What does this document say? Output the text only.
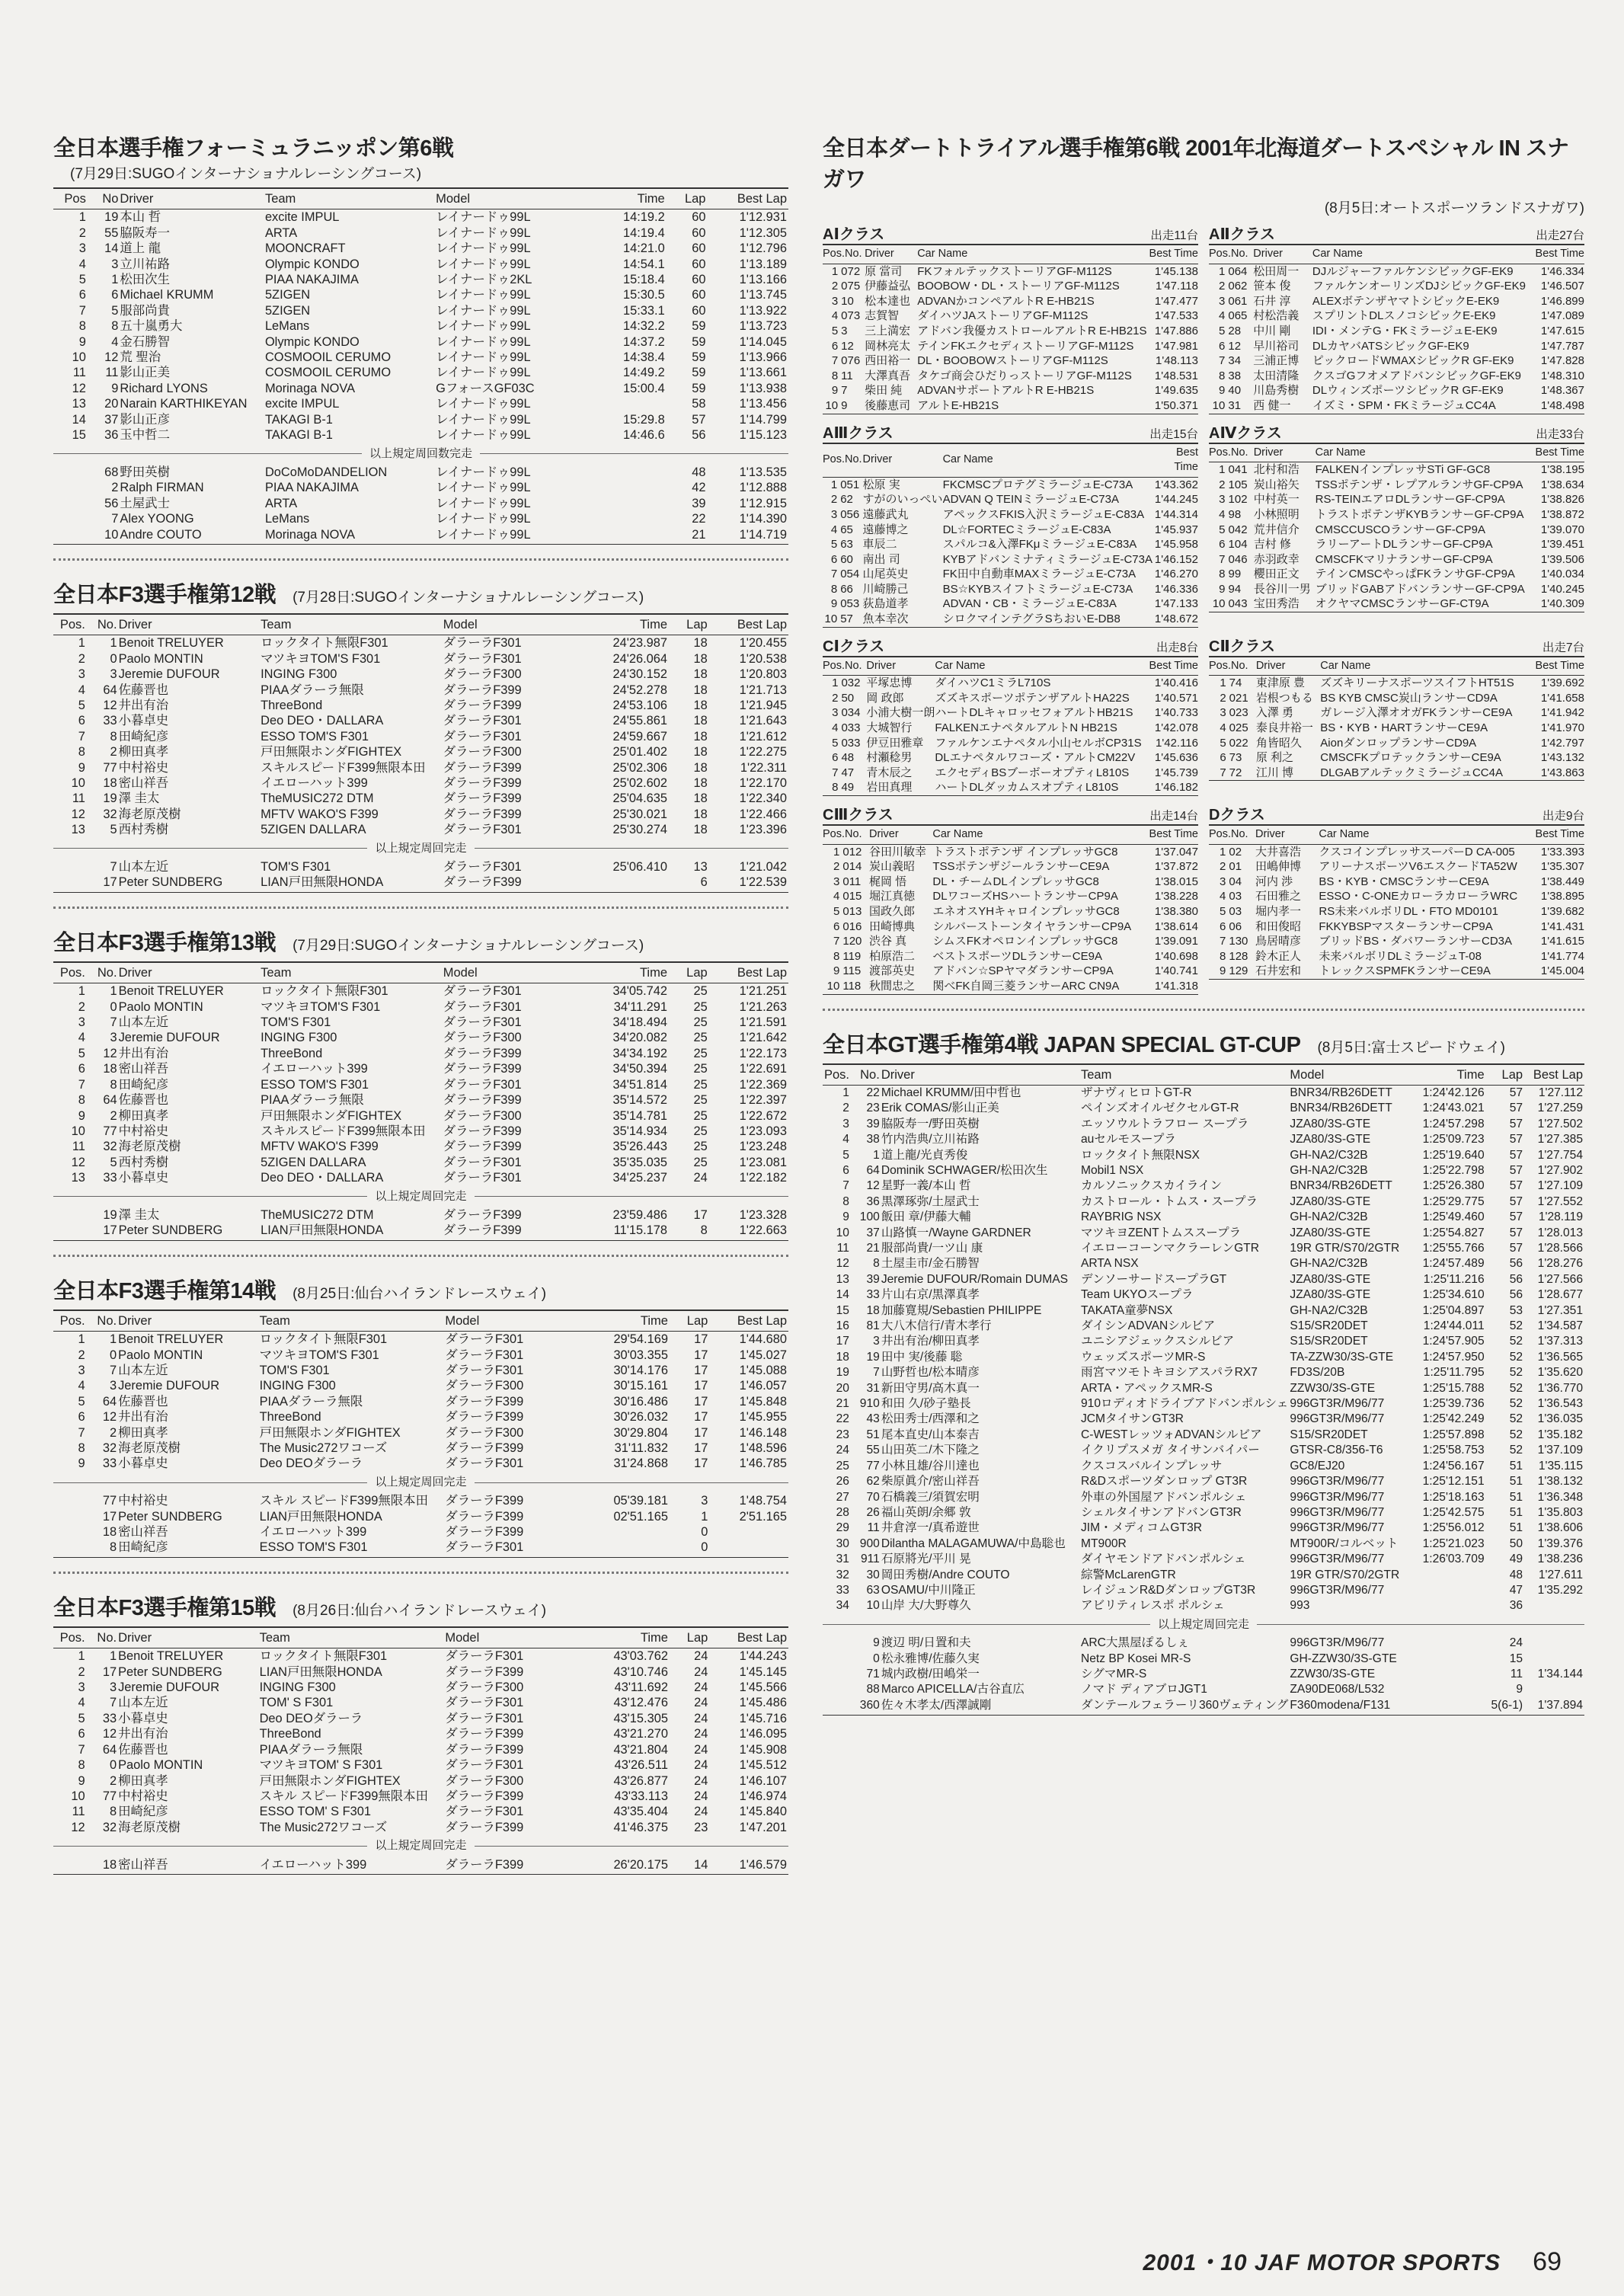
全日本選手権フォーミュラニッポン第6戦
(7月29日:SUGOインターナショナルレーシングコース)
Pos	No	Driver	Team	Model	Time	Lap	Best Lap
1	19	本山 哲	excite IMPUL	レイナードゥ99L	14:19.2	60	1'12.931
2	55	脇阪寿一	ARTA	レイナードゥ99L	14:19.4	60	1'12.305
3	14	道上 龍	MOONCRAFT	レイナードゥ99L	14:21.0	60	1'12.796
4	3	立川祐路	Olympic KONDO	レイナードゥ99L	14:54.1	60	1'13.189
5	1	松田次生	PIAA NAKAJIMA	レイナードゥ2KL	15:18.4	60	1'13.166
6	6	Michael KRUMM	5ZIGEN	レイナードゥ99L	15:30.5	60	1'13.745
7	5	服部尚貴	5ZIGEN	レイナードゥ99L	15:33.1	60	1'13.922
8	8	五十嵐勇大	LeMans	レイナードゥ99L	14:32.2	59	1'13.723
9	4	金石勝智	Olympic KONDO	レイナードゥ99L	14:37.2	59	1'14.045
10	12	荒 聖治	COSMOOIL CERUMO	レイナードゥ99L	14:38.4	59	1'13.966
11	11	影山正美	COSMOOIL CERUMO	レイナードゥ99L	14:49.2	59	1'13.661
12	9	Richard LYONS	Morinaga NOVA	GフォースGF03C	15:00.4	59	1'13.938
13	20	Narain KARTHIKEYAN	excite IMPUL	レイナードゥ99L		58	1'13.456
14	37	影山正彦	TAKAGI B-1	レイナードゥ99L	15:29.8	57	1'14.799
15	36	玉中哲二	TAKAGI B-1	レイナードゥ99L	14:46.6	56	1'15.123
以上規定周回数完走							
	68	野田英樹	DoCoMoDANDELION	レイナードゥ99L		48	1'13.535
	2	Ralph FIRMAN	PIAA NAKAJIMA	レイナードゥ99L		42	1'12.888
	56	土屋武士	ARTA	レイナードゥ99L		39	1'12.915
	7	Alex YOONG	LeMans	レイナードゥ99L		22	1'14.390
	10	Andre COUTO	Morinaga NOVA	レイナードゥ99L		21	1'14.719
全日本F3選手権第12戦 (7月28日:SUGOインターナショナルレーシングコース)
Pos.	No.	Driver	Team	Model	Time	Lap	Best Lap
1	1	Benoit TRELUYER	ロックタイト無限F301	ダラーラF301	24'23.987	18	1'20.455
2	0	Paolo MONTIN	マツキヨTOM'S F301	ダラーラF301	24'26.064	18	1'20.538
3	3	Jeremie DUFOUR	INGING F300	ダラーラF300	24'30.152	18	1'20.803
4	64	佐藤晋也	PIAAダラーラ無限	ダラーラF399	24'52.278	18	1'21.713
5	12	井出有治	ThreeBond	ダラーラF399	24'53.106	18	1'21.945
6	33	小暮卓史	Deo DEO・DALLARA	ダラーラF301	24'55.861	18	1'21.643
7	8	田崎紀彦	ESSO TOM'S F301	ダラーラF301	24'59.667	18	1'21.612
8	2	柳田真孝	戸田無限ホンダFIGHTEX	ダラーラF300	25'01.402	18	1'22.275
9	77	中村裕史	スキルスピードF399無限本田	ダラーラF399	25'02.306	18	1'22.311
10	18	密山祥吾	イエローハット399	ダラーラF399	25'02.602	18	1'22.170
11	19	澤 圭太	TheMUSIC272 DTM	ダラーラF399	25'04.635	18	1'22.340
12	32	海老原茂樹	MFTV WAKO'S F399	ダラーラF399	25'30.021	18	1'22.466
13	5	西村秀樹	5ZIGEN DALLARA	ダラーラF301	25'30.274	18	1'23.396
以上規定周回完走							
	7	山本左近	TOM'S F301	ダラーラF301	25'06.410	13	1'21.042
	17	Peter SUNDBERG	LIAN戸田無限HONDA	ダラーラF399		6	1'22.539
全日本F3選手権第13戦 (7月29日:SUGOインターナショナルレーシングコース)
Pos.	No.	Driver	Team	Model	Time	Lap	Best Lap
1	1	Benoit TRELUYER	ロックタイト無限F301	ダラーラF301	34'05.742	25	1'21.251
2	0	Paolo MONTIN	マツキヨTOM'S F301	ダラーラF301	34'11.291	25	1'21.263
3	7	山本左近	TOM'S F301	ダラーラF301	34'18.494	25	1'21.591
4	3	Jeremie DUFOUR	INGING F300	ダラーラF300	34'20.082	25	1'21.642
5	12	井出有治	ThreeBond	ダラーラF399	34'34.192	25	1'22.173
6	18	密山祥吾	イエローハット399	ダラーラF399	34'50.394	25	1'22.691
7	8	田崎紀彦	ESSO TOM'S F301	ダラーラF301	34'51.814	25	1'22.369
8	64	佐藤晋也	PIAAダラーラ無限	ダラーラF399	35'14.572	25	1'22.397
9	2	柳田真孝	戸田無限ホンダFIGHTEX	ダラーラF300	35'14.781	25	1'22.672
10	77	中村裕史	スキルスピードF399無限本田	ダラーラF399	35'14.934	25	1'23.093
11	32	海老原茂樹	MFTV WAKO'S F399	ダラーラF399	35'26.443	25	1'23.248
12	5	西村秀樹	5ZIGEN DALLARA	ダラーラF301	35'35.035	25	1'23.081
13	33	小暮卓史	Deo DEO・DALLARA	ダラーラF301	34'25.237	24	1'22.182
以上規定周回完走							
	19	澤 圭太	TheMUSIC272 DTM	ダラーラF399	23'59.486	17	1'23.328
	17	Peter SUNDBERG	LIAN戸田無限HONDA	ダラーラF399	11'15.178	8	1'22.663
全日本F3選手権第14戦 (8月25日:仙台ハイランドレースウェイ)
Pos.	No.	Driver	Team	Model	Time	Lap	Best Lap
1	1	Benoit TRELUYER	ロックタイト無限F301	ダラーラF301	29'54.169	17	1'44.680
2	0	Paolo MONTIN	マツキヨTOM'S F301	ダラーラF301	30'03.355	17	1'45.027
3	7	山本左近	TOM'S F301	ダラーラF301	30'14.176	17	1'45.088
4	3	Jeremie DUFOUR	INGING F300	ダラーラF300	30'15.161	17	1'46.057
5	64	佐藤晋也	PIAAダラーラ無限	ダラーラF399	30'16.486	17	1'45.848
6	12	井出有治	ThreeBond	ダラーラF399	30'26.032	17	1'45.955
7	2	柳田真孝	戸田無限ホンダFIGHTEX	ダラーラF300	30'29.804	17	1'46.148
8	32	海老原茂樹	The Music272ワコーズ	ダラーラF399	31'11.832	17	1'48.596
9	33	小暮卓史	Deo DEOダラーラ	ダラーラF301	31'24.868	17	1'46.785
以上規定周回完走							
	77	中村裕史	スキル スピードF399無限本田	ダラーラF399	05'39.181	3	1'48.754
	17	Peter SUNDBERG	LIAN戸田無限HONDA	ダラーラF399	02'51.165	1	2'51.165
	18	密山祥吾	イエローハット399	ダラーラF399		0	
	8	田崎紀彦	ESSO TOM'S F301	ダラーラF301		0	
全日本F3選手権第15戦 (8月26日:仙台ハイランドレースウェイ)
Pos.	No.	Driver	Team	Model	Time	Lap	Best Lap
1	1	Benoit TRELUYER	ロックタイト無限F301	ダラーラF301	43'03.762	24	1'44.243
2	17	Peter SUNDBERG	LIAN戸田無限HONDA	ダラーラF399	43'10.746	24	1'45.145
3	3	Jeremie DUFOUR	INGING F300	ダラーラF300	43'11.692	24	1'45.566
4	7	山本左近	TOM' S F301	ダラーラF301	43'12.476	24	1'45.486
5	33	小暮卓史	Deo DEOダラーラ	ダラーラF301	43'15.305	24	1'45.716
6	12	井出有治	ThreeBond	ダラーラF399	43'21.270	24	1'46.095
7	64	佐藤晋也	PIAAダラーラ無限	ダラーラF399	43'21.804	24	1'45.908
8	0	Paolo MONTIN	マツキヨTOM' S F301	ダラーラF301	43'26.511	24	1'45.512
9	2	柳田真孝	戸田無限ホンダFIGHTEX	ダラーラF300	43'26.877	24	1'46.107
10	77	中村裕史	スキル スピードF399無限本田	ダラーラF399	43'33.113	24	1'46.974
11	8	田崎紀彦	ESSO TOM' S F301	ダラーラF301	43'35.404	24	1'45.840
12	32	海老原茂樹	The Music272ワコーズ	ダラーラF399	41'46.375	23	1'47.201
以上規定周回完走							
	18	密山祥吾	イエローハット399	ダラーラF399	26'20.175	14	1'46.579
全日本ダートトライアル選手権第6戦 2001年北海道ダートスペシャル IN スナガワ
(8月5日:オートスポーツランドスナガワ)
AⅠクラス	出走11台
Pos.No.		Driver	Car Name	Best Time
1	072	原 當司	FKフォルテックストーリアGF-M112S	1'45.138
2	075	伊藤益弘	BOOBOW・DL・ストーリアGF-M112S	1'47.118
3	10	松本達也	ADVANかコンペアルトR E-HB21S	1'47.477
4	073	志賀智	ダイハツJAストーリアGF-M112S	1'47.533
5	3	三上満宏	アドバン我優カストロールアルトR E-HB21S	1'47.886
6	12	岡林亮太	テインFKエクセディストーリアGF-M112S	1'47.981
7	076	西田裕一	DL・BOOBOWストーリアGF-M112S	1'48.113
8	11	大澤真吾	タケゴ商会ひだりっストーリアGF-M112S	1'48.531
9	7	柴田 純	ADVANサポートアルトR E-HB21S	1'49.635
10	9	後藤恵司	アルトE-HB21S	1'50.371
AⅡクラス	出走27台
Pos.No.		Driver	Car Name	Best Time
1	064	松田周一	DJルジャーファルケンシビックGF-EK9	1'46.334
2	062	笹本 俊	ファルケンオーリンズDJシビックGF-EK9	1'46.507
3	061	石井 淳	ALEXボテンザヤマトシビックE-EK9	1'46.899
4	065	村松浩義	スプリントDLスノコシビックE-EK9	1'47.089
5	28	中川 剛	IDI・メンテG・FKミラージュE-EK9	1'47.615
6	12	早川裕司	DLカヤバATSシビックGF-EK9	1'47.787
7	34	三浦正博	ピックロードWMAXシビックR GF-EK9	1'47.828
8	38	太田清隆	クスゴGフオメアドバンシビックGF-EK9	1'48.310
9	40	川島秀樹	DLウィンズポーツシビックR GF-EK9	1'48.367
10	31	西 健一	イズミ・SPM・FKミラージュCC4A	1'48.498
AⅢクラス	出走15台
Pos.No.		Driver	Car Name	Best Time
1	051	松原 実	FKCMSCプロテグミラージュE-C73A	1'43.362
2	62	すがのいっぺい	ADVAN Q TEINミラージュE-C73A	1'44.245
3	056	遠藤武丸	アペックスFKIS入沢ミラージュE-C83A	1'44.314
4	65	遠藤博之	DL☆FORTECミラージュE-C83A	1'45.937
5	63	車辰二	スパルコ&入澤FKμミラージュE-C83A	1'45.958
6	60	南出 司	KYBアドバンミナティミラージュE-C73A	1'46.152
7	054	山尾英史	FK田中自動車MAXミラージュE-C73A	1'46.270
8	66	川崎勝己	BS☆KYBスイフトミラージュE-C73A	1'46.336
9	053	荻島道孝	ADVAN・CB・ミラージュE-C83A	1'47.133
10	57	魚本幸次	シロクマインテグラSちおいE-DB8	1'48.672
AⅣクラス	出走33台
Pos.No.		Driver	Car Name	Best Time
1	041	北村和浩	FALKENインプレッサSTi GF-GC8	1'38.195
2	105	炭山裕矢	TSSポテンザ・レプアルランサGF-CP9A	1'38.634
3	102	中村英一	RS-TEINエアロDLランサーGF-CP9A	1'38.826
4	98	小林照明	トラストポテンザKYBランサーGF-CP9A	1'38.872
5	042	荒井信介	CMSCCUSCOランサーGF-CP9A	1'39.070
6	104	吉村 修	ラリーアートDLランサーGF-CP9A	1'39.451
7	046	赤羽政幸	CMSCFKマリナランサーGF-CP9A	1'39.506
8	99	櫻田正文	テインCMSCやっぱFKランサGF-CP9A	1'40.034
9	94	長谷川一男	ブリッドGABアドバンランサーGF-CP9A	1'40.245
10	043	宝田秀浩	オクヤマCMSCランサーGF-CT9A	1'40.309
CⅠクラス	出走8台
Pos.No.		Driver	Car Name	Best Time
1	032	平塚忠博	ダイハツC1ミラL710S	1'40.416
2	50	岡 政郎	ズズキスポーツポテンザアルトHA22S	1'40.571
3	034	小浦大樹一朗	ハートDLキャロッセフォアルトHB21S	1'40.733
4	033	大城智行	FALKENエナペタルアルトN HB21S	1'42.078
5	033	伊豆田雅章	ファルケンエナペタル小山セルボCP31S	1'42.116
6	48	村瀬稔男	DLエナペタルワコーズ・アルトCM22V	1'45.636
7	47	青木辰之	エクセディBSブーボーオプティL810S	1'45.739
8	49	岩田真理	ハートDLダッカムスオプティL810S	1'46.182
CⅡクラス	出走7台
Pos.No.		Driver	Car Name	Best Time
1	74	東津原 豊	ズズキリーナスポーツスイフトHT51S	1'39.692
2	021	岩根つもる	BS KYB CMSC炭山ランサーCD9A	1'41.658
3	023	入澤 勇	ガレージ入澤オオガFKランサーCE9A	1'41.942
4	025	泰良井裕一	BS・KYB・HARTランサーCE9A	1'41.970
5	022	角皆昭久	AionダンロップランサーCD9A	1'42.797
6	73	原 利之	CMSCFKプロテックランサーCE9A	1'43.132
7	72	江川 博	DLGABアルテックミラージュCC4A	1'43.863
CⅢクラス	出走14台
Pos.No.		Driver	Car Name	Best Time
1	012	谷田川敏幸	トラストポテンザ インプレッサGC8	1'37.047
2	014	炭山義昭	TSSポテンザジールランサーCE9A	1'37.872
3	011	梶岡 悟	DL・チームDLインプレッサGC8	1'38.015
4	015	堀江真徳	DLワコーズHSハートランサーCP9A	1'38.228
5	013	国政久郎	エネオスYHキャロインプレッサGC8	1'38.380
6	016	田崎博典	シルバーストーンタイヤランサーCP9A	1'38.614
7	120	渋谷 真	シムスFKオペロンインプレッサGC8	1'39.091
8	119	柏原浩二	ベストスポーツDLランサーCE9A	1'40.698
9	115	渡部英史	アドバン☆SPヤマダランサーCP9A	1'40.741
10	118	秋間忠之	関べFK自岡三菱ランサーARC CN9A	1'41.318
Dクラス	出走9台
Pos.No.		Driver	Car Name	Best Time
1	02	大井喜浩	クスコインプレッサスーパーD CA-005	1'33.393
2	01	田嶋伸博	アリーナスポーツV6エスクードTA52W	1'35.307
3	04	河内 渉	BS・KYB・CMSCランサーCE9A	1'38.449
4	03	石田雅之	ESSO・C-ONEカローラカローラWRC	1'38.895
5	03	堀内孝一	RS未来バルボリDL・FTO MD0101	1'39.682
6	06	和田俊昭	FKKYBSPマスターランサーCP9A	1'41.431
7	130	鳥居晴彦	ブリッドBS・ダバワーランサーCD3A	1'41.615
8	128	鈴木正人	未来バルボリDLミラージュT-08	1'41.774
9	129	石井宏和	トレックスSPMFKランサーCE9A	1'45.004
全日本GT選手権第4戦 JAPAN SPECIAL GT-CUP (8月5日:富士スピードウェイ)
Pos.	No.	Driver	Team	Model	Time	Lap	Best Lap
1	22	Michael KRUMM/田中哲也	ザナヴィヒロトGT-R	BNR34/RB26DETT	1:24'42.126	57	1'27.112
2	23	Erik COMAS/影山正美	ペインズオイルゼクセルGT-R	BNR34/RB26DETT	1:24'43.021	57	1'27.259
3	39	脇阪寿一/野田英樹	エッソウルトラフロー スープラ	JZA80/3S-GTE	1:24'57.298	57	1'27.502
4	38	竹内浩典/立川祐路	auセルモスープラ	JZA80/3S-GTE	1:25'09.723	57	1'27.385
5	1	道上龍/光貞秀俊	ロックタイト無限NSX	GH-NA2/C32B	1:25'19.640	57	1'27.754
6	64	Dominik SCHWAGER/松田次生	Mobil1 NSX	GH-NA2/C32B	1:25'22.798	57	1'27.902
7	12	星野一義/本山 哲	カルソニックスカイライン	BNR34/RB26DETT	1:25'26.380	57	1'27.109
8	36	黒澤琢弥/土屋武士	カストロール・トムス・スープラ	JZA80/3S-GTE	1:25'29.775	57	1'27.552
9	100	飯田 章/伊藤大輔	RAYBRIG NSX	GH-NA2/C32B	1:25'49.460	57	1'28.119
10	37	山路慎一/Wayne GARDNER	マツキヨZENTトムススープラ	JZA80/3S-GTE	1:25'54.827	57	1'28.013
11	21	服部尚貴/一ツ山 康	イエローコーンマクラーレンGTR	19R GTR/S70/2GTR	1:25'55.766	57	1'28.566
12	8	土屋圭市/金石勝智	ARTA NSX	GH-NA2/C32B	1:24'57.489	56	1'28.276
13	39	Jeremie DUFOUR/Romain DUMAS	デンソーサードスープラGT	JZA80/3S-GTE	1:25'11.216	56	1'27.566
14	33	片山右京/黒澤真孝	Team UKYOスープラ	JZA80/3S-GTE	1:25'34.610	56	1'28.677
15	18	加藤寛規/Sebastien PHILIPPE	TAKATA童夢NSX	GH-NA2/C32B	1:25'04.897	53	1'27.351
16	81	大八木信行/青木孝行	ダイシンADVANシルビア	S15/SR20DET	1:24'44.011	52	1'34.587
17	3	井出有治/柳田真孝	ユニシアジェックスシルビア	S15/SR20DET	1:24'57.905	52	1'37.313
18	19	田中 実/後藤 聡	ウェッズスポーツMR-S	TA-ZZW30/3S-GTE	1:24'57.950	52	1'36.565
19	7	山野哲也/松本晴彦	雨宮マツモトキヨシアスパラRX7	FD3S/20B	1:25'11.795	52	1'35.620
20	31	新田守男/高木真一	ARTA・アペックスMR-S	ZZW30/3S-GTE	1:25'15.788	52	1'36.770
21	910	和田 久/砂子塾長	910ロディオドライブアドバンポルシェ	996GT3R/M96/77	1:25'39.736	52	1'36.543
22	43	松田秀士/西澤和之	JCMタイサンGT3R	996GT3R/M96/77	1:25'42.249	52	1'36.035
23	51	尾本直史/山本泰吉	C-WESTレッツォADVANシルビア	S15/SR20DET	1:25'57.898	52	1'35.182
24	55	山田英二/木下隆之	イクリプスメガ タイサンバイパー	GTSR-C8/356-T6	1:25'58.753	52	1'37.109
25	77	小林且雄/谷川達也	クスコスバルインプレッサ	GC8/EJ20	1:24'56.167	51	1'35.115
26	62	柴原眞介/密山祥吾	R&Dスポーツダンロップ GT3R	996GT3R/M96/77	1:25'12.151	51	1'38.132
27	70	石橋義三/須賀宏明	外車の外国屋アドバンポルシェ	996GT3R/M96/77	1:25'18.163	51	1'36.348
28	26	福山英朗/余郷 敦	シェルタイサンアドバンGT3R	996GT3R/M96/77	1:25'42.575	51	1'35.803
29	11	井倉淳一/真希遊世	JIM・メディコムGT3R	996GT3R/M96/77	1:25'56.012	51	1'38.606
30	900	Dilantha MALAGAMUWA/中島聡也	MT900R	MT900R/コルベット	1:25'21.023	50	1'39.376
31	911	石原將光/平川 晃	ダイヤモンドアドバンポルシェ	996GT3R/M96/77	1:26'03.709	49	1'38.236
32	30	岡田秀樹/Andre COUTO	綜警McLarenGTR	19R GTR/S70/2GTR		48	1'27.611
33	63	OSAMU/中川隆正	レイジュンR&DダンロップGT3R	996GT3R/M96/77		47	1'35.292
34	10	山岸 大/大野尊久	アビリティレスポ ポルシェ	993		36	
以上規定周回完走							
	9	渡辺 明/日置和夫	ARC大黒屋ぽるしぇ	996GT3R/M96/77		24	
	0	松永雅博/佐藤久実	Netz BP Kosei MR-S	GH-ZZW30/3S-GTE		15	
	71	城内政樹/田嶋栄一	シグマMR-S	ZZW30/3S-GTE		11	1'34.144
	88	Marco APICELLA/古谷直広	ノマド ディアブロJGT1	ZA90DE068/L532		9	
	360	佐々木孝太/西澤誠剛	ダンテールフェラーリ360ヴェティング	F360modena/F131		5(6-1)	1'37.894
2001・10 JAF MOTOR SPORTS 69
